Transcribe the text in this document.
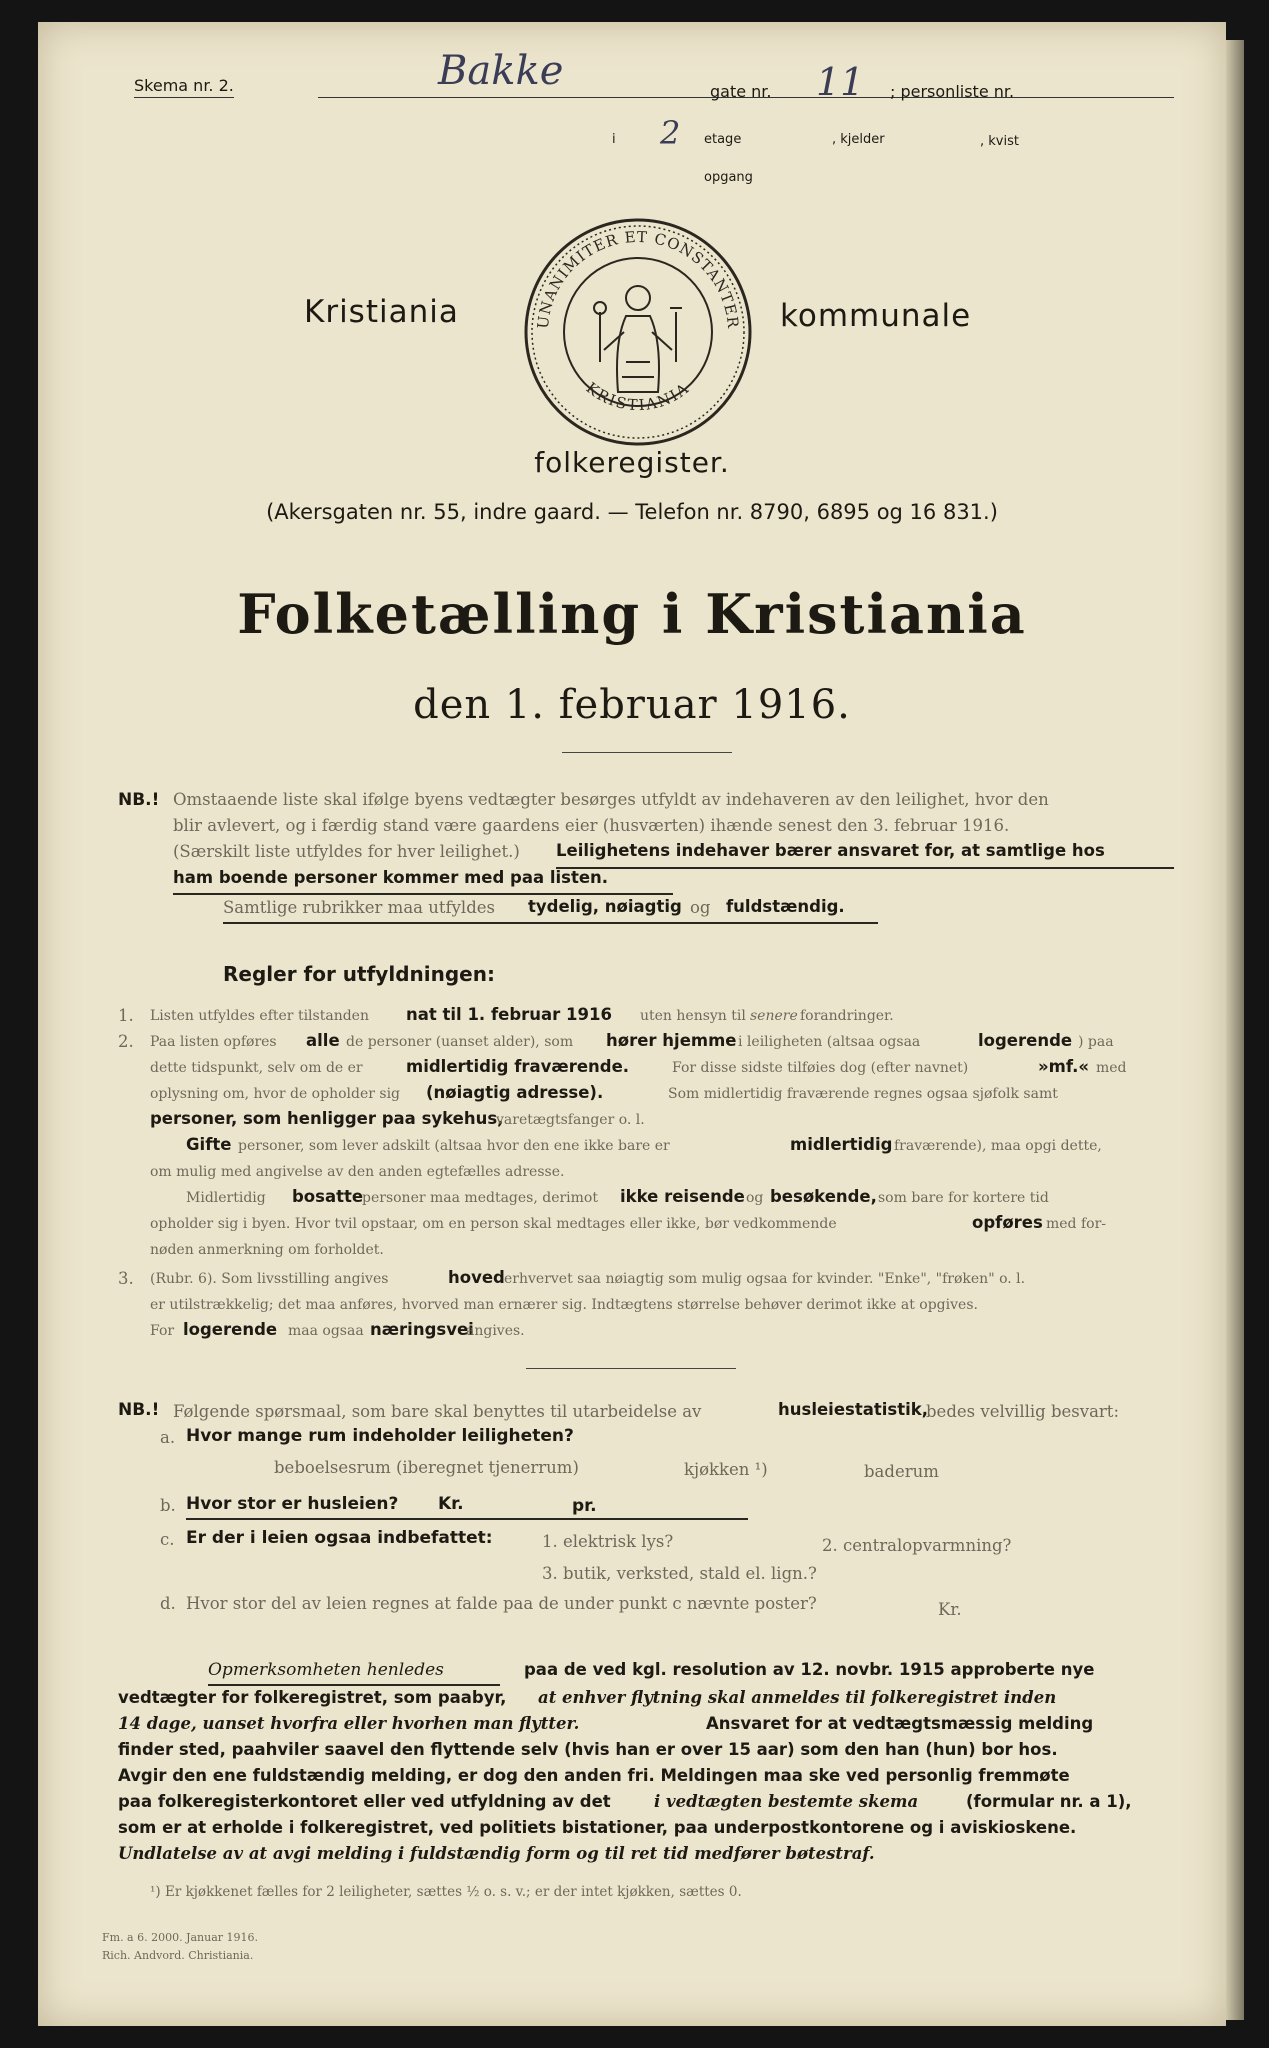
Skema nr. 2.	Bakke	gate nr. 11 ; personliste nr.
i 2 etage	, kjelder	, kvist
opgang
Kristiania	kommunale
UNANIMITER ET CONSTANTER
KRISTIANIA
folkeregister.
(Akersgaten nr. 55, indre gaard. — Telefon nr. 8790, 6895 og 16 831.)
Folketælling i Kristiania
den 1. februar 1916.
NB.! Omstaaende liste skal ifølge byens vedtægter besørges utfyldt av indehaveren av den leilighet, hvor den
blir avlevert, og i færdig stand være gaardens eier (husværten) ihænde senest den 3. februar 1916.
(Særskilt liste utfyldes for hver leilighet.) Leilighetens indehaver bærer ansvaret for, at samtlige hos
ham boende personer kommer med paa listen.
Samtlige rubrikker maa utfyldes tydelig, nøiagtig og fuldstændig.
Regler for utfyldningen:
1. Listen utfyldes efter tilstanden nat til 1. februar 1916 uten hensyn til senere forandringer.
2. Paa listen opføres alle de personer (uanset alder), som hører hjemme i leiligheten (altsaa ogsaa	logerende ) paa
dette tidspunkt, selv om de er	midlertidig fraværende.	For disse sidste tilføies dog (efter navnet)	»mf.« med
oplysning om, hvor de opholder sig (nøiagtig adresse).	Som midlertidig fraværende regnes ogsaa sjøfolk samt
personer, som henligger paa sykehus,
varetægtsfanger o. l.
Gifte personer, som lever adskilt (altsaa hvor den ene ikke bare er	midlertidig fraværende), maa opgi dette,
om mulig med angivelse av den anden egtefælles adresse.
Midlertidig bosatte
personer maa medtages, derimot ikke reisende og besøkende, som bare for kortere tid
opholder sig i byen. Hvor tvil opstaar, om en person skal medtages eller ikke, bør vedkommende	opføres med for-
nøden anmerkning om forholdet.
3. (Rubr. 6). Som livsstilling angives	hoved erhvervet saa nøiagtig som mulig ogsaa for kvinder. "Enke", "frøken" o. l.
er utilstrækkelig; det maa anføres, hvorved man ernærer sig. Indtægtens størrelse behøver derimot ikke at opgives.
For logerende maa ogsaa næringsvei
angives.
NB.! Følgende spørsmaal, som bare skal benyttes til utarbeidelse av	husleiestatistik,
bedes velvillig besvart:
a. Hvor mange rum indeholder leiligheten?
beboelsesrum (iberegnet tjenerrum)	kjøkken ¹)	baderum
b. Hvor stor er husleien? Kr.	pr.
c. Er der i leien ogsaa indbefattet:	1. elektrisk lys?	2. centralopvarmning?
3. butik, verksted, stald el. lign.?
d. Hvor stor del av leien regnes at falde paa de under punkt c nævnte poster?	Kr.
Opmerksomheten henledes	paa de ved kgl. resolution av 12. novbr. 1915 approberte nye
vedtægter for folkeregistret, som paabyr, at enhver flytning skal anmeldes til folkeregistret inden
14 dage, uanset hvorfra eller hvorhen man flytter.	Ansvaret for at vedtægtsmæssig melding
finder sted, paahviler saavel den flyttende selv (hvis han er over 15 aar) som den han (hun) bor hos.
Avgir den ene fuldstændig melding, er dog den anden fri. Meldingen maa ske ved personlig fremmøte
paa folkeregisterkontoret eller ved utfyldning av det	i vedtægten bestemte skema	(formular nr. a 1),
som er at erholde i folkeregistret, ved politiets bistationer, paa underpostkontorene og i aviskioskene.
Undlatelse av at avgi melding i fuldstændig form og til ret tid medfører bøtestraf.
¹) Er kjøkkenet fælles for 2 leiligheter, sættes ½ o. s. v.; er der intet kjøkken, sættes 0.
Fm. a 6. 2000. Januar 1916.
Rich. Andvord. Christiania.
